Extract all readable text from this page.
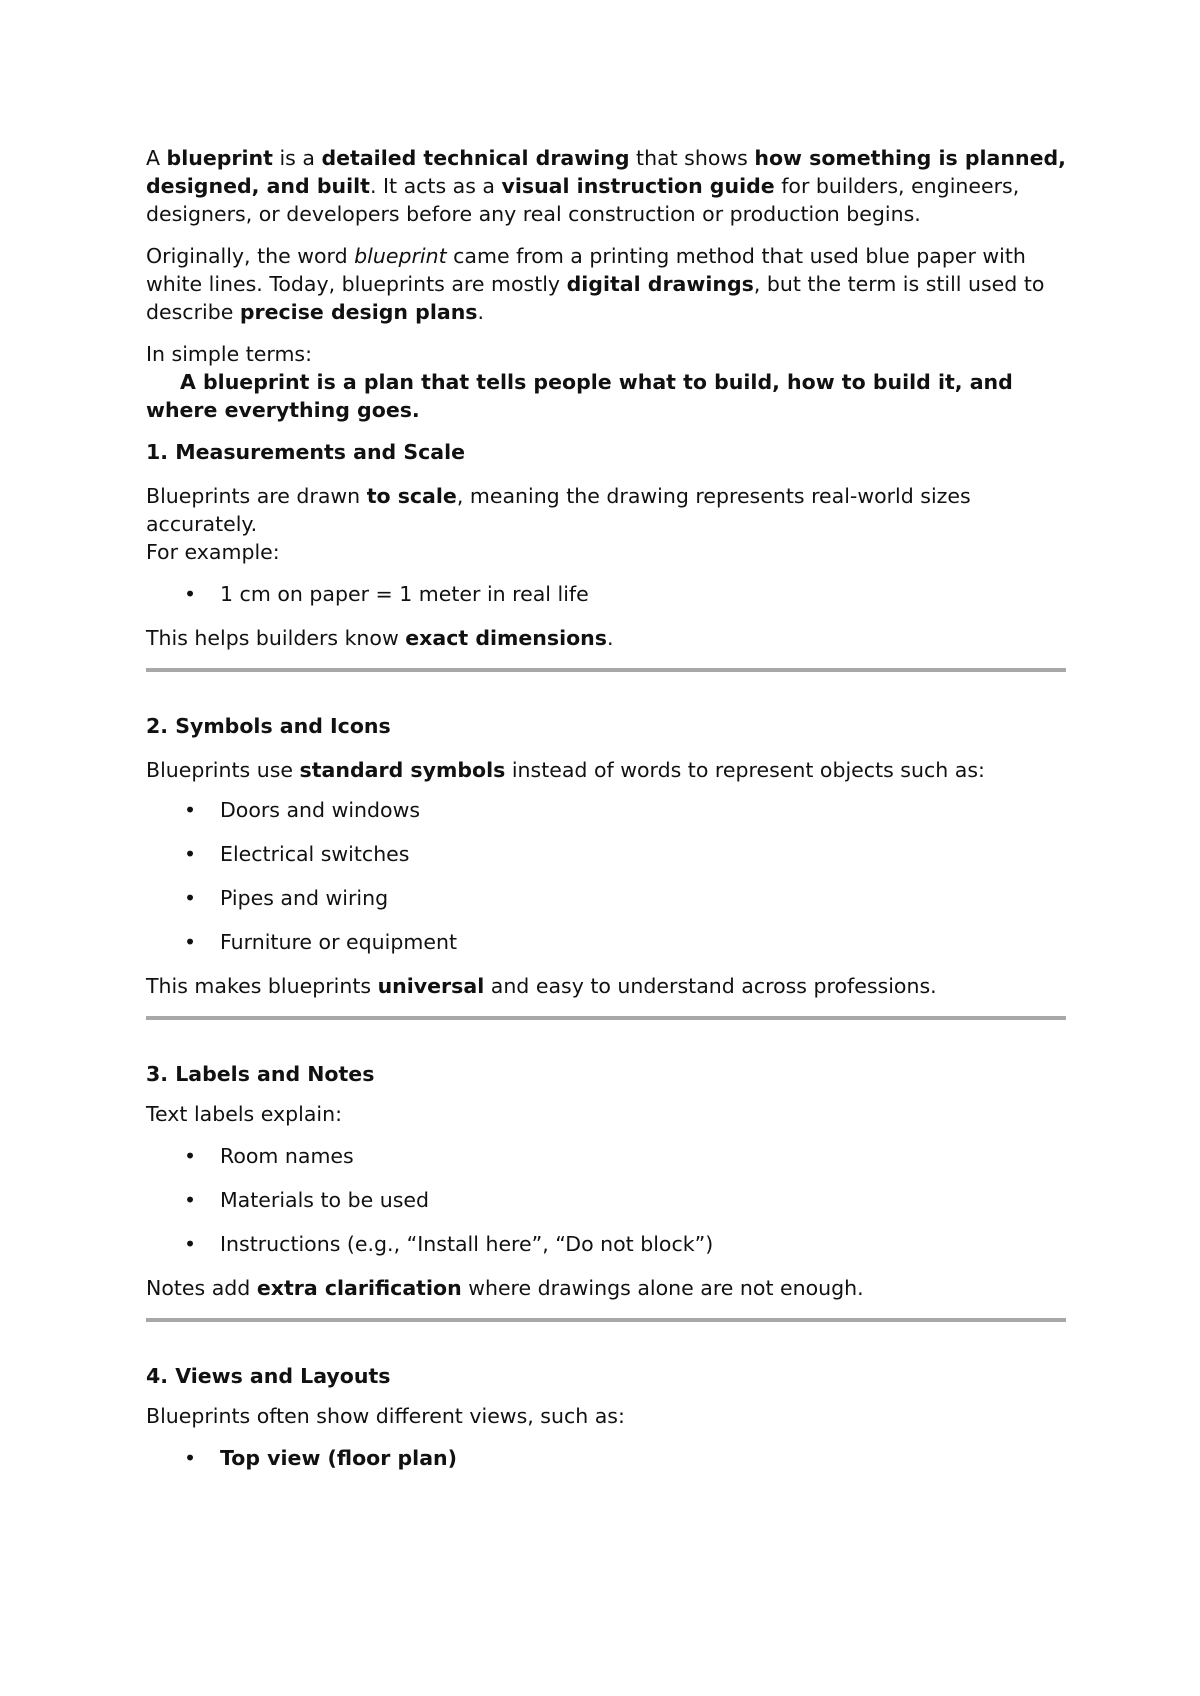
A blueprint is a detailed technical drawing that shows how something is planned, designed, and built. It acts as a visual instruction guide for builders, engineers, designers, or developers before any real construction or production begins.

Originally, the word blueprint came from a printing method that used blue paper with white lines. Today, blueprints are mostly digital drawings, but the term is still used to describe precise design plans.

In simple terms:

A blueprint is a plan that tells people what to build, how to build it, and where everything goes.

1. Measurements and Scale

Blueprints are drawn to scale, meaning the drawing represents real-world sizes accurately.

For example:

• 1 cm on paper = 1 meter in real life

This helps builders know exact dimensions.

2. Symbols and Icons

Blueprints use standard symbols instead of words to represent objects such as:

• Doors and windows
• Electrical switches
• Pipes and wiring
• Furniture or equipment

This makes blueprints universal and easy to understand across professions.

3. Labels and Notes

Text labels explain:

• Room names
• Materials to be used
• Instructions (e.g., “Install here”, “Do not block”)

Notes add extra clarification where drawings alone are not enough.

4. Views and Layouts

Blueprints often show different views, such as:

• Top view (floor plan)
